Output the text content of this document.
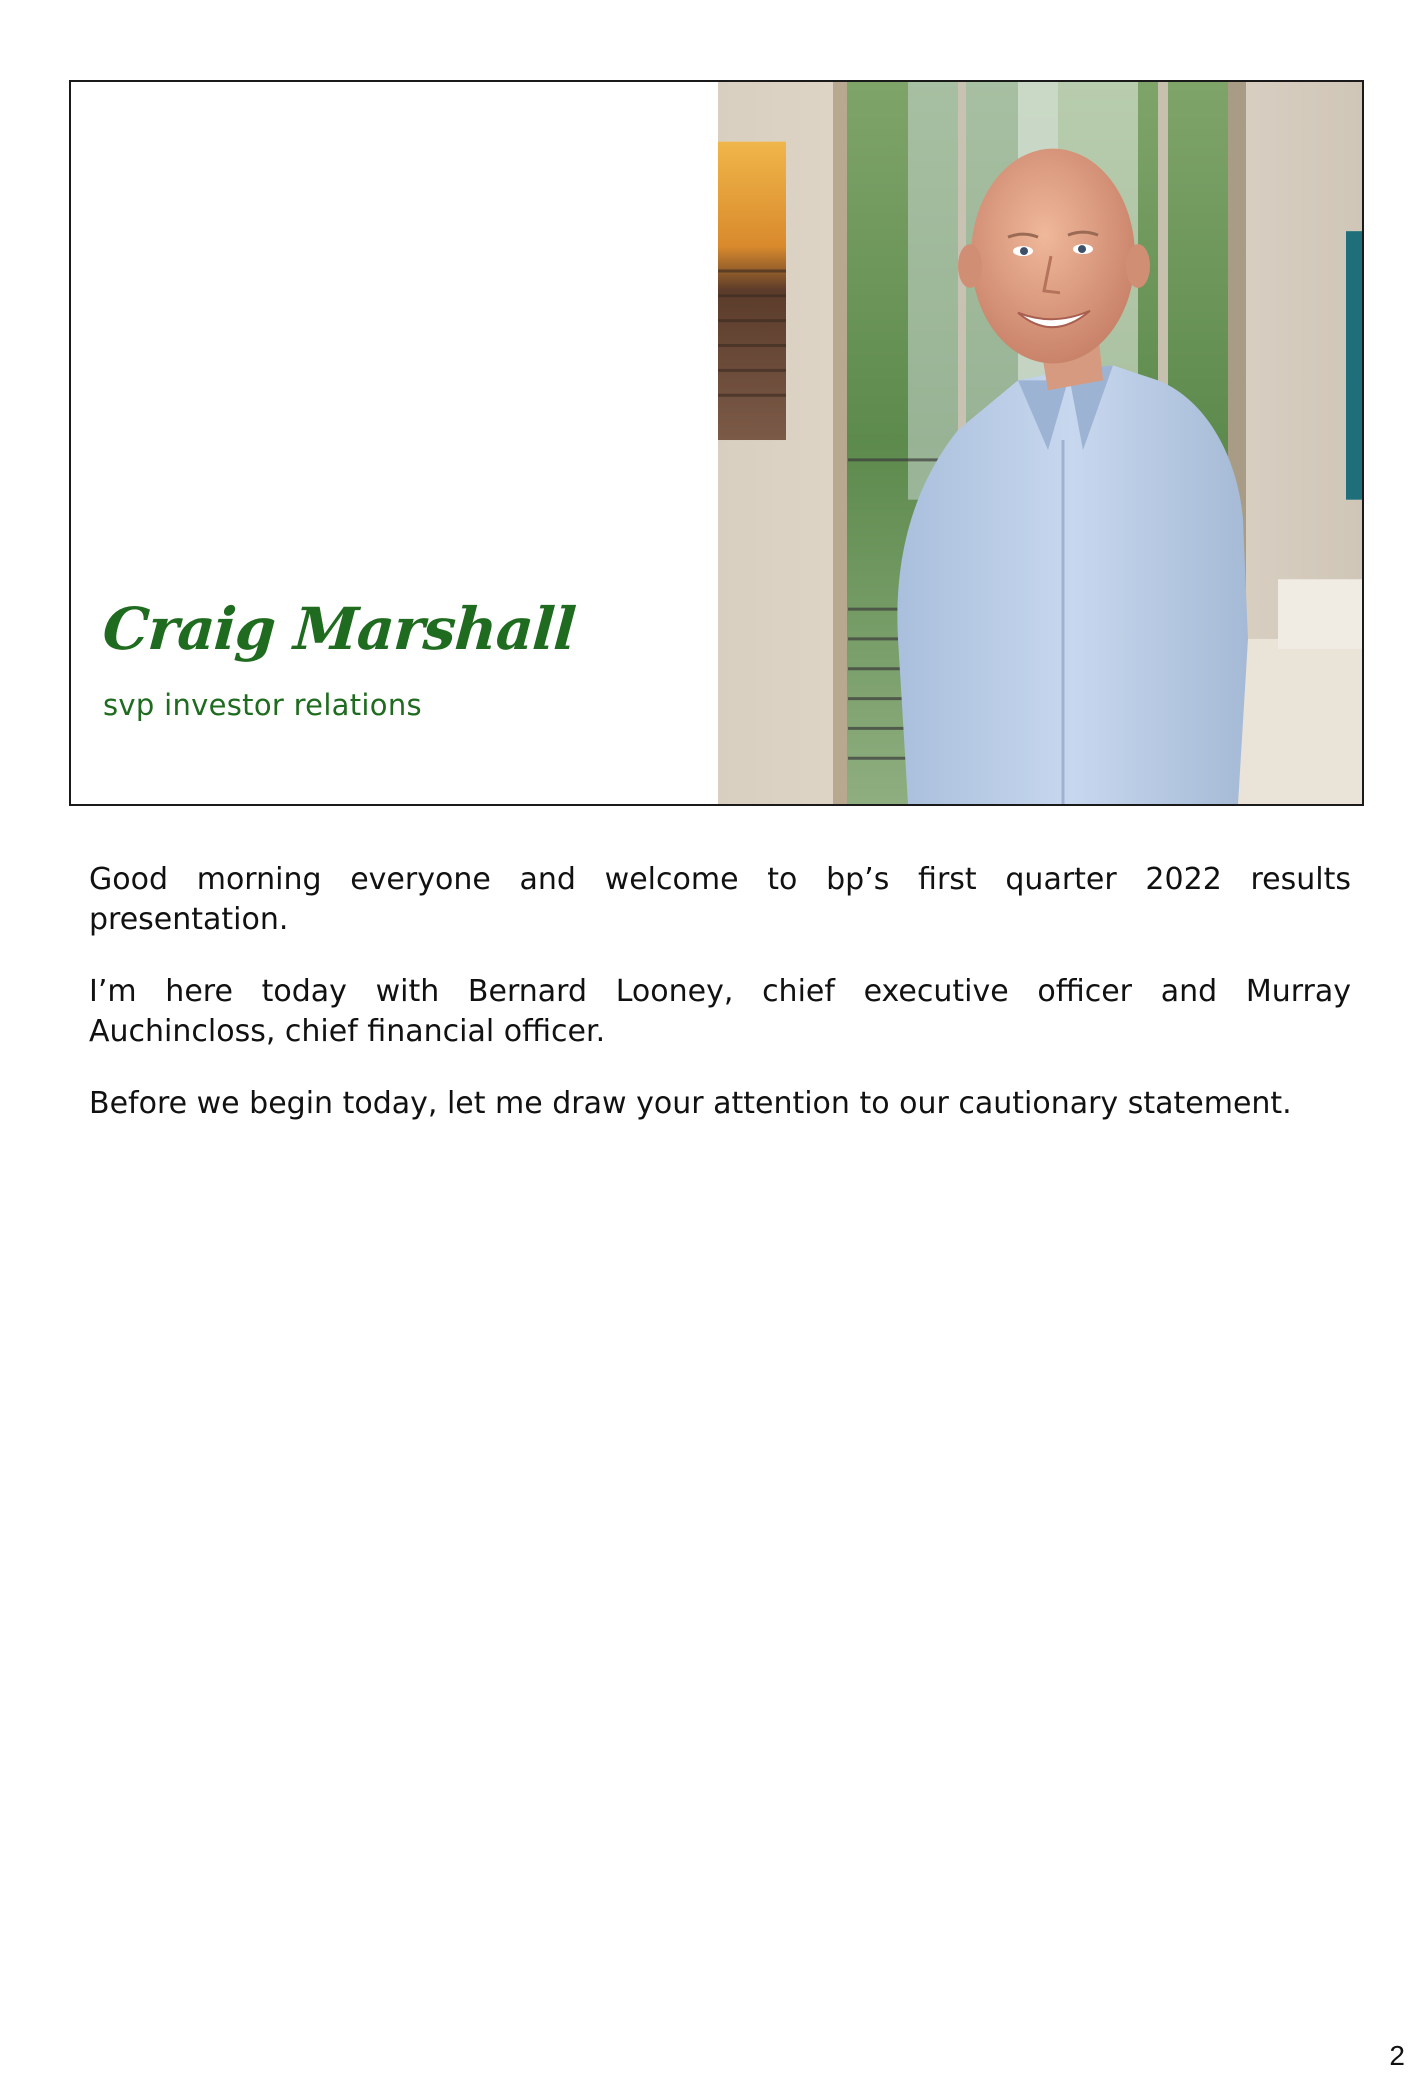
Craig Marshall
svp investor relations

Good morning everyone and welcome to bp’s first quarter 2022 results presentation.

I’m here today with Bernard Looney, chief executive officer and Murray Auchincloss, chief financial officer.

Before we begin today, let me draw your attention to our cautionary statement.

2
